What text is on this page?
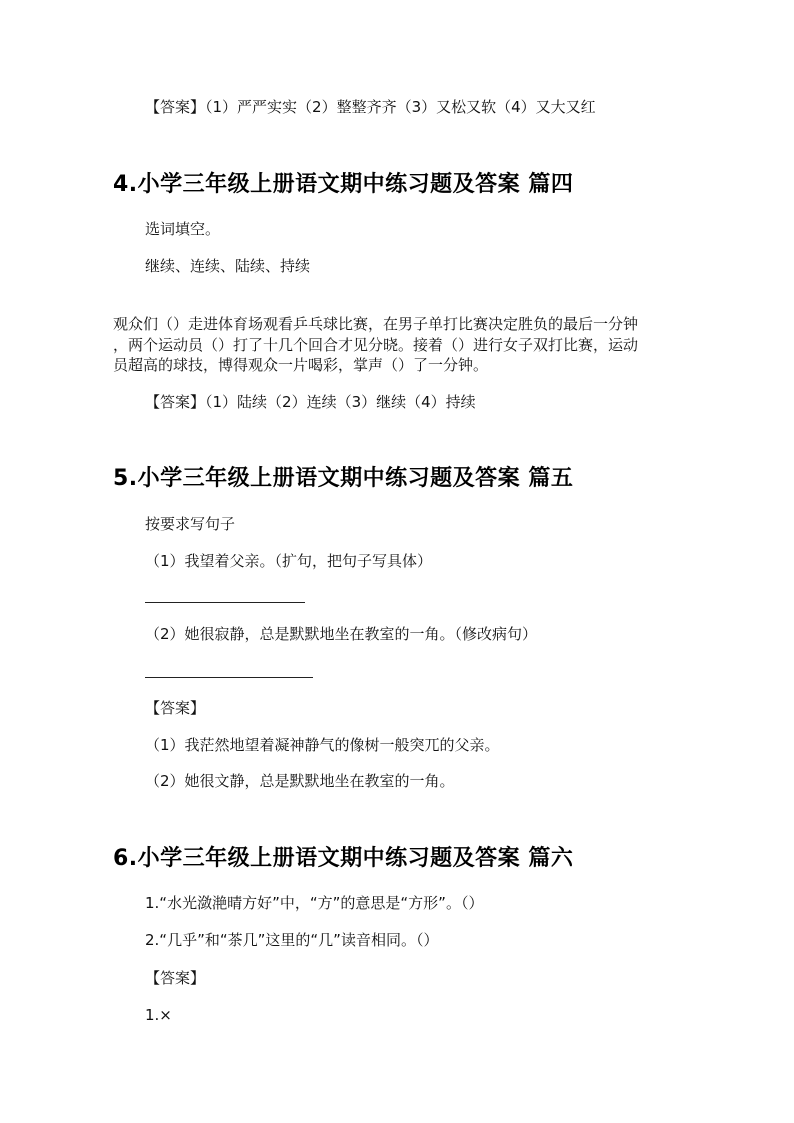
【答案】（1）严严实实（2）整整齐齐（3）又松又软（4）又大又红
4.小学三年级上册语文期中练习题及答案 篇四
选词填空。
继续、连续、陆续、持续
观众们（）走进体育场观看乒乓球比赛，在男子单打比赛决定胜负的最后一分钟
，两个运动员（）打了十几个回合才见分晓。接着（）进行女子双打比赛，运动
员超高的球技，博得观众一片喝彩，掌声（）了一分钟。
【答案】（1）陆续（2）连续（3）继续（4）持续
5.小学三年级上册语文期中练习题及答案 篇五
按要求写句子
（1）我望着父亲。（扩句，把句子写具体）
（2）她很寂静，总是默默地坐在教室的一角。（修改病句）
【答案】
（1）我茫然地望着凝神静气的像树一般突兀的父亲。
（2）她很文静，总是默默地坐在教室的一角。
6.小学三年级上册语文期中练习题及答案 篇六
1.“水光潋滟晴方好”中，“方”的意思是“方形”。（）
2.“几乎”和“茶几”这里的“几”读音相同。（）
【答案】
1.×
